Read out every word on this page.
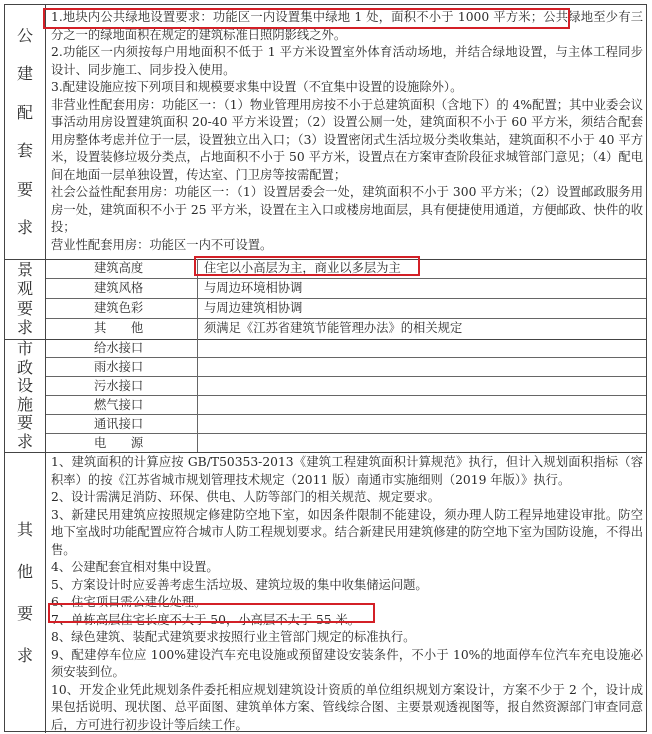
公
建
配
套
要
求
1.地块内公共绿地设置要求：功能区一内设置集中绿地 1 处，面积不小于 1000 平方米；公共绿地至少有三分之一的绿地面积在规定的建筑标准日照阴影线之外。
2.功能区一内须按每户用地面积不低于 1 平方米设置室外体育活动场地，并结合绿地设置，与主体工程同步设计、同步施工、同步投入使用。
3.配建设施应按下列项目和规模要求集中设置（不宜集中设置的设施除外）。
非营业性配套用房：功能区一：（1）物业管理用房按不小于总建筑面积（含地下）的 4%配置；其中业委会议事活动用房设置建筑面积 20-40 平方米设置；（2）设置公厕一处，建筑面积不小于 60 平方米，须结合配套用房整体考虑并位于一层，设置独立出入口；（3）设置密闭式生活垃圾分类收集站，建筑面积不小于 40 平方米，设置装修垃圾分类点，占地面积不小于 50 平方米，设置点在方案审查阶段征求城管部门意见；（4）配电间在地面一层单独设置，传达室、门卫房等按需配置；
社会公益性配套用房：功能区一：（1）设置居委会一处，建筑面积不小于 300 平方米；（2）设置邮政服务用房一处，建筑面积不小于 25 平方米，设置在主入口或楼房地面层，具有便捷使用通道，方便邮政、快件的收投；
营业性配套用房：功能区一内不可设置。
景
观
要
求
建筑高度	住宅以小高层为主，商业以多层为主
建筑风格	与周边环境相协调
建筑色彩	与周边建筑相协调
其　　他	须满足《江苏省建筑节能管理办法》的相关规定
市
政
设
施
要
求
给水接口
雨水接口
污水接口
燃气接口
通讯接口
电　　源
其
他
要
求
1、建筑面积的计算应按 GB/T50353-2013《建筑工程建筑面积计算规范》执行，但计入规划面积指标（容积率）的按《江苏省城市规划管理技术规定（2011 版）南通市实施细则（2019 年版）》执行。
2、设计需满足消防、环保、供电、人防等部门的相关规范、规定要求。
3、新建民用建筑应按照规定修建防空地下室，如因条件限制不能建设，须办理人防工程异地建设审批。防空地下室战时功能配置应符合城市人防工程规划要求。结合新建民用建筑修建的防空地下室为国防设施，不得出售。
4、公建配套宜相对集中设置。
5、方案设计时应妥善考虑生活垃圾、建筑垃圾的集中收集储运问题。
6、住宅项目需公建化处理。
7、单栋高层住宅长度不大于 50，小高层不大于 55 米。
8、绿色建筑、装配式建筑要求按照行业主管部门规定的标准执行。
9、配建停车位应 100%建设汽车充电设施或预留建设安装条件，不小于 10%的地面停车位汽车充电设施必须安装到位。
10、开发企业凭此规划条件委托相应规划建筑设计资质的单位组织规划方案设计，方案不少于 2 个，设计成果包括说明、现状图、总平面图、建筑单体方案、管线综合图、主要景观透视图等，报自然资源部门审查同意后，方可进行初步设计等后续工作。
